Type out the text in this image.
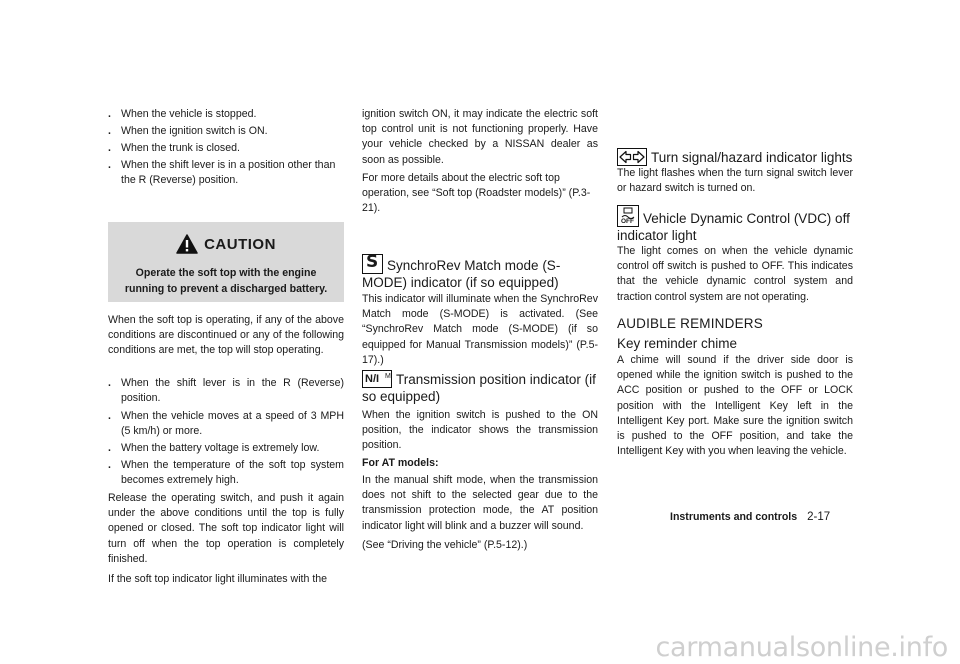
. When the vehicle is stopped.
. When the ignition switch is ON.
. When the trunk is closed.
. When the shift lever is in a position other than the R (Reverse) position.
CAUTION
Operate the soft top with the engine running to prevent a discharged battery.

When the soft top is operating, if any of the above conditions are discontinued or any of the following conditions are met, the top will stop operating.

. When the shift lever is in the R (Reverse) position.
. When the vehicle moves at a speed of 3 MPH (5 km/h) or more.
. When the battery voltage is extremely low.
. When the temperature of the soft top system becomes extremely high.

Release the operating switch, and push it again under the above conditions until the top is fully opened or closed. The soft top indicator light will turn off when the top operation is completely finished.

If the soft top indicator light illuminates with the

ignition switch ON, it may indicate the electric soft top control unit is not functioning properly. Have your vehicle checked by a NISSAN dealer as soon as possible.

For more details about the electric soft top operation, see “Soft top (Roadster models)” (P.3-21).

S SynchroRev Match mode (S-MODE) indicator (if so equipped)

This indicator will illuminate when the SynchroRev Match mode (S-MODE) is activated. (See “SynchroRev Match mode (S-MODE) (if so equipped for Manual Transmission models)” (P.5-17).)

N/I M Transmission position indicator (if so equipped)

When the ignition switch is pushed to the ON position, the indicator shows the transmission position.

For AT models:

In the manual shift mode, when the transmission does not shift to the selected gear due to the transmission protection mode, the AT position indicator light will blink and a buzzer will sound.

(See “Driving the vehicle” (P.5-12).)

Turn signal/hazard indicator lights

The light flashes when the turn signal switch lever or hazard switch is turned on.

OFF Vehicle Dynamic Control (VDC) off indicator light

The light comes on when the vehicle dynamic control off switch is pushed to OFF. This indicates that the vehicle dynamic control system and traction control system are not operating.

AUDIBLE REMINDERS
Key reminder chime

A chime will sound if the driver side door is opened while the ignition switch is pushed to the ACC position or pushed to the OFF or LOCK position with the Intelligent Key left in the Intelligent Key port. Make sure the ignition switch is pushed to the OFF position, and take the Intelligent Key with you when leaving the vehicle.

Instruments and controls 2-17
carmanualsonline.info
